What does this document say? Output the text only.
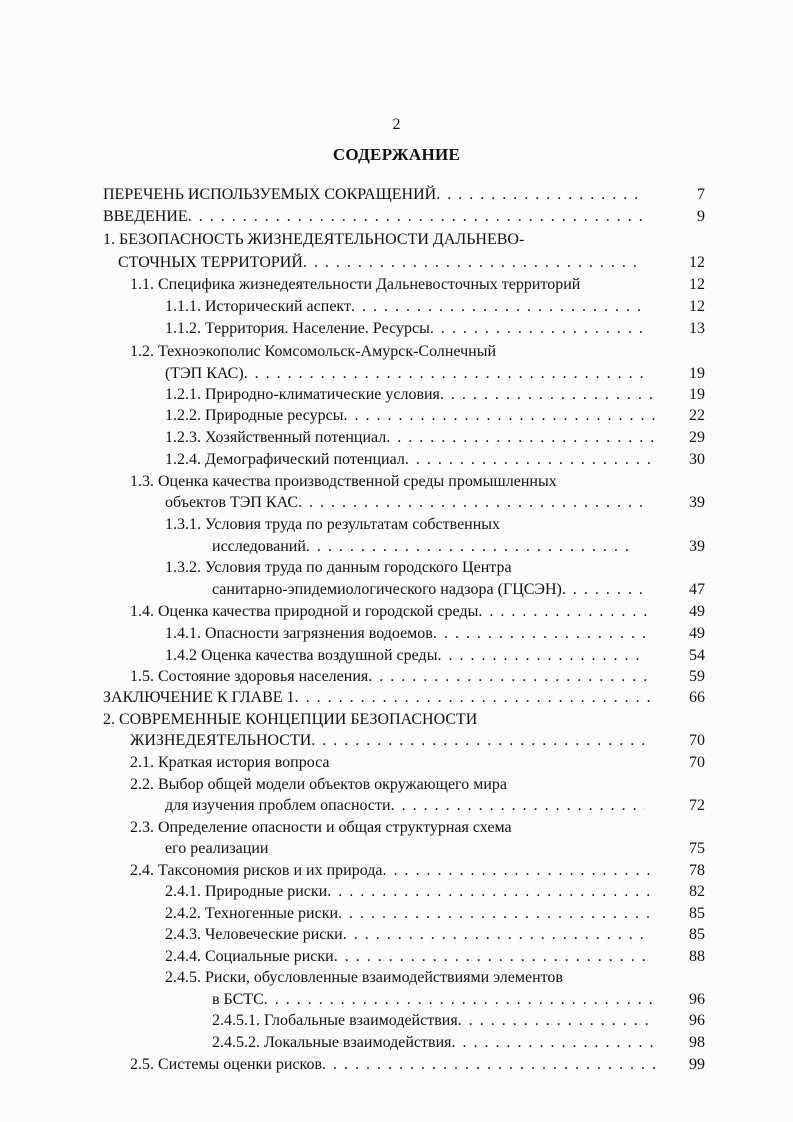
2
СОДЕРЖАНИЕ
ПЕРЕЧЕНЬ ИСПОЛЬЗУЕМЫХ СОКРАЩЕНИЙ . . .	7
ВВЕДЕНИЕ . . .	9
1. БЕЗОПАСНОСТЬ ЖИЗНЕДЕЯТЕЛЬНОСТИ ДАЛЬНЕВО-
СТОЧНЫХ ТЕРРИТОРИЙ . . .	12
1.1. Специфика жизнедеятельности Дальневосточных территорий	12
1.1.1. Исторический аспект . . .	12
1.1.2. Территория. Население. Ресурсы . . .	13
1.2. Техноэкополис Комсомольск-Амурск-Солнечный
(ТЭП КАС) . . .	19
1.2.1. Природно-климатические условия . . .	19
1.2.2. Природные ресурсы . . .	22
1.2.3. Хозяйственный потенциал . . .	29
1.2.4. Демографический потенциал . . .	30
1.3. Оценка качества производственной среды промышленных
объектов ТЭП КАС . . .	39
1.3.1. Условия труда по результатам собственных
исследований . . .	39
1.3.2. Условия труда по данным городского Центра
санитарно-эпидемиологического надзора (ГЦСЭН) . . .	47
1.4. Оценка качества природной и городской среды . . .	49
1.4.1. Опасности загрязнения водоемов . . .	49
1.4.2 Оценка качества воздушной среды . . .	54
1.5. Состояние здоровья населения . . .	59
ЗАКЛЮЧЕНИЕ К ГЛАВЕ 1 . . .	66
2. СОВРЕМЕННЫЕ КОНЦЕПЦИИ БЕЗОПАСНОСТИ
ЖИЗНЕДЕЯТЕЛЬНОСТИ . . .	70
2.1. Краткая история вопроса	70
2.2. Выбор общей модели объектов окружающего мира
для изучения проблем опасности . . .	72
2.3. Определение опасности и общая структурная схема
его реализации	75
2.4. Таксономия рисков и их природа . . .	78
2.4.1. Природные риски . . .	82
2.4.2. Техногенные риски . . .	85
2.4.3. Человеческие риски . . .	85
2.4.4. Социальные риски . . .	88
2.4.5. Риски, обусловленные взаимодействиями элементов
в БСТС . . .	96
2.4.5.1. Глобальные взаимодействия . . .	96
2.4.5.2. Локальные взаимодействия . . .	98
2.5. Системы оценки рисков . . .	99
